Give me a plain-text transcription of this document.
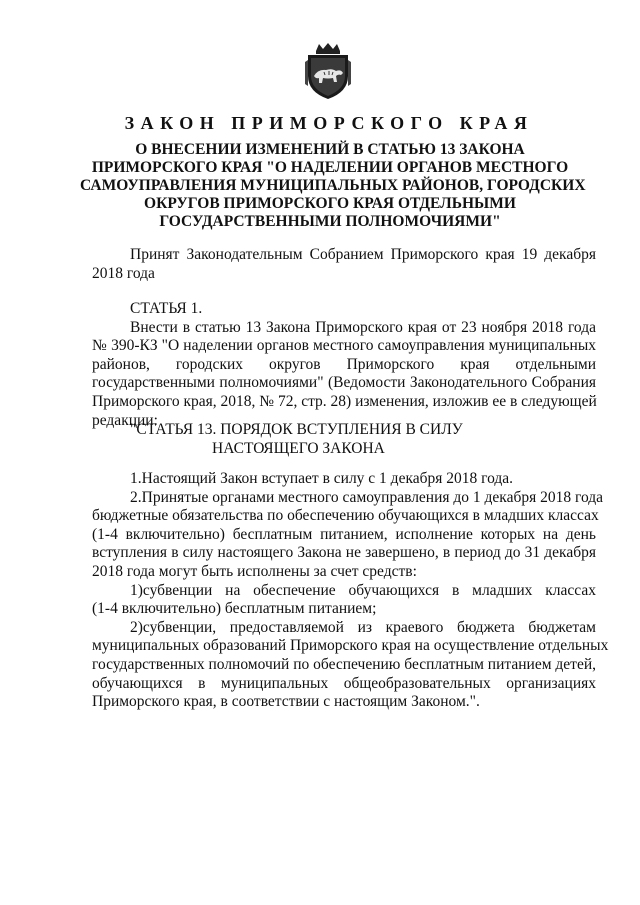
ЗАКОН ПРИМОРСКОГО КРАЯ
О ВНЕСЕНИИ ИЗМЕНЕНИЙ В СТАТЬЮ 13 ЗАКОНА
ПРИМОРСКОГО КРАЯ "О НАДЕЛЕНИИ ОРГАНОВ МЕСТНОГО
САМОУПРАВЛЕНИЯ МУНИЦИПАЛЬНЫХ РАЙОНОВ, ГОРОДСКИХ
ОКРУГОВ ПРИМОРСКОГО КРАЯ ОТДЕЛЬНЫМИ
ГОСУДАРСТВЕННЫМИ ПОЛНОМОЧИЯМИ"
Принят Законодательным Собранием Приморского края 19 декабря
2018 года
СТАТЬЯ 1.
Внести в статью 13 Закона Приморского края от 23 ноября 2018 года
№ 390-КЗ "О наделении органов местного самоуправления муниципальных
районов, городских округов Приморского края отдельными
государственными полномочиями" (Ведомости Законодательного Собрания
Приморского края, 2018, № 72, стр. 28) изменения, изложив ее в следующей
редакции:
"СТАТЬЯ 13. ПОРЯДОК ВСТУПЛЕНИЯ В СИЛУ
НАСТОЯЩЕГО ЗАКОНА
1.Настоящий Закон вступает в силу с 1 декабря 2018 года.
2.Принятые органами местного самоуправления до 1 декабря 2018 года
бюджетные обязательства по обеспечению обучающихся в младших классах
(1-4 включительно) бесплатным питанием, исполнение которых на день
вступления в силу настоящего Закона не завершено, в период до 31 декабря
2018 года могут быть исполнены за счет средств:
1)субвенции на обеспечение обучающихся в младших классах
(1-4 включительно) бесплатным питанием;
2)субвенции, предоставляемой из краевого бюджета бюджетам
муниципальных образований Приморского края на осуществление отдельных
государственных полномочий по обеспечению бесплатным питанием детей,
обучающихся в муниципальных общеобразовательных организациях
Приморского края, в соответствии с настоящим Законом.".
